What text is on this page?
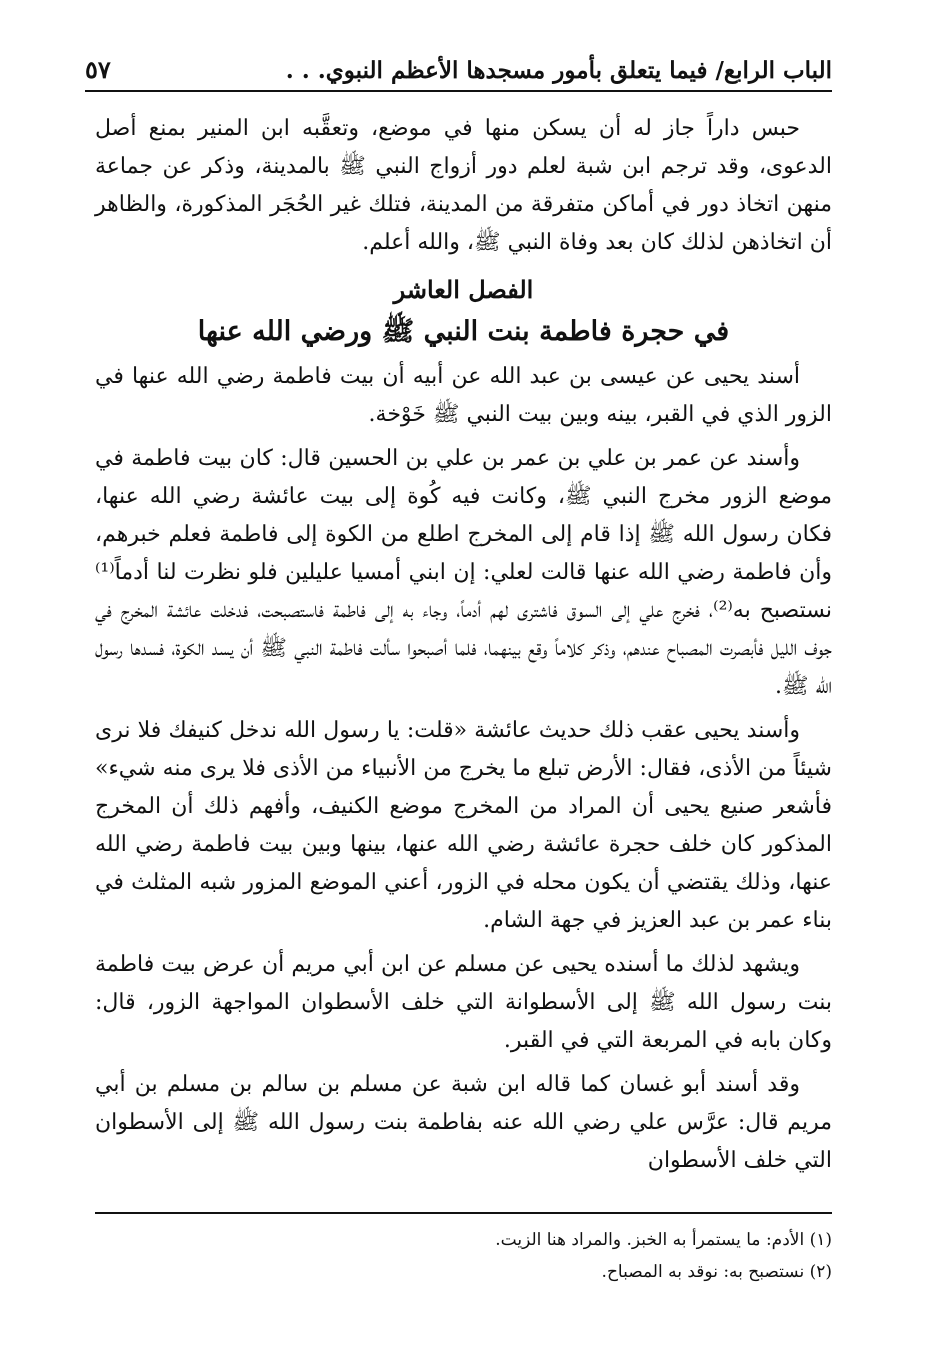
الباب الرابع/ فيما يتعلق بأمور مسجدها الأعظم النبوي. . .
٥٧

حبس داراً جاز له أن يسكن منها في موضع، وتعقَّبه ابن المنير بمنع أصل الدعوى، وقد ترجم ابن شبة لعلم دور أزواج النبي ﷺ بالمدينة، وذكر عن جماعة منهن اتخاذ دور في أماكن متفرقة من المدينة، فتلك غير الحُجَر المذكورة، والظاهر أن اتخاذهن لذلك كان بعد وفاة النبي ﷺ، والله أعلم.

الفصل العاشر
في حجرة فاطمة بنت النبي ﷺ ورضي الله عنها

أسند يحيى عن عيسى بن عبد الله عن أبيه أن بيت فاطمة رضي الله عنها في الزور الذي في القبر، بينه وبين بيت النبي ﷺ خَوْخة.

وأسند عن عمر بن علي بن عمر بن علي بن الحسين قال: كان بيت فاطمة في موضع الزور مخرج النبي ﷺ، وكانت فيه كُوة إلى بيت عائشة رضي الله عنها، فكان رسول الله ﷺ إذا قام إلى المخرج اطلع من الكوة إلى فاطمة فعلم خبرهم، وأن فاطمة رضي الله عنها قالت لعلي: إن ابني أمسيا عليلين فلو نظرت لنا أدماً⁽¹⁾ نستصبح به⁽²⁾، فخرج علي إلى السوق فاشترى لهم أدماً، وجاء به إلى فاطمة فاستصبحت، فدخلت عائشة المخرج في جوف الليل فأبصرت المصباح عندهم، وذكر كلاماً وقع بينهما، فلما أصبحوا سألت فاطمة النبي ﷺ أن يسد الكوة، فسدها رسول الله ﷺ.

وأسند يحيى عقب ذلك حديث عائشة «قلت: يا رسول الله ندخل كنيفك فلا نرى شيئاً من الأذى، فقال: الأرض تبلع ما يخرج من الأنبياء من الأذى فلا يرى منه شيء» فأشعر صنيع يحيى أن المراد من المخرج موضع الكنيف، وأفهم ذلك أن المخرج المذكور كان خلف حجرة عائشة رضي الله عنها، بينها وبين بيت فاطمة رضي الله عنها، وذلك يقتضي أن يكون محله في الزور، أعني الموضع المزور شبه المثلث في بناء عمر بن عبد العزيز في جهة الشام.

ويشهد لذلك ما أسنده يحيى عن مسلم عن ابن أبي مريم أن عرض بيت فاطمة بنت رسول الله ﷺ إلى الأسطوانة التي خلف الأسطوان المواجهة الزور، قال: وكان بابه في المربعة التي في القبر.

وقد أسند أبو غسان كما قاله ابن شبة عن مسلم بن سالم بن مسلم بن أبي مريم قال: عرَّس علي رضي الله عنه بفاطمة بنت رسول الله ﷺ إلى الأسطوان التي خلف الأسطوان

(١) الأدم: ما يستمرأ به الخبز. والمراد هنا الزيت.
(٢) نستصبح به: نوقد به المصباح.
